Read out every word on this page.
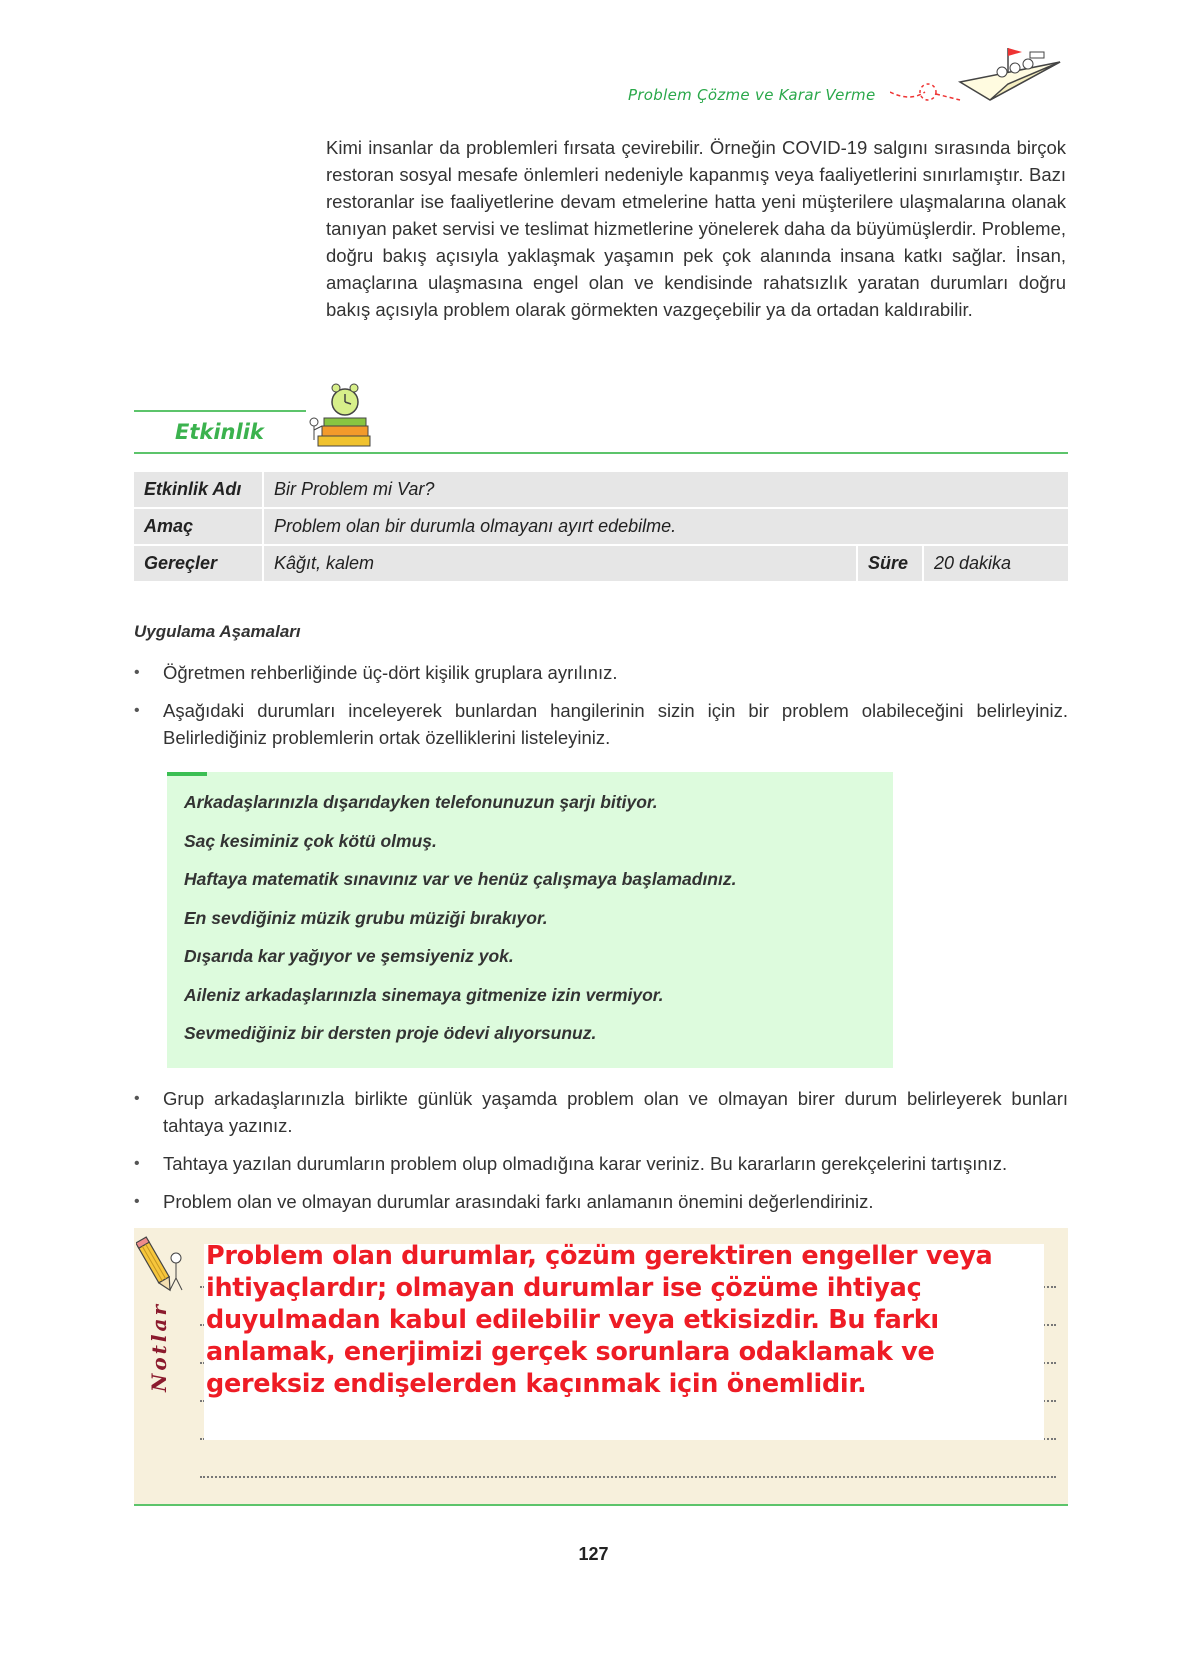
Problem Çözme ve Karar Verme

Kimi insanlar da problemleri fırsata çevirebilir. Örneğin COVID-19 salgını sırasında birçok restoran sosyal mesafe önlemleri nedeniyle kapanmış veya faaliyetlerini sınırlamıştır. Bazı restoranlar ise faaliyetlerine devam etmelerine hatta yeni müşterilere ulaşmalarına olanak tanıyan paket servisi ve teslimat hizmetlerine yönelerek daha da büyümüşlerdir. Probleme, doğru bakış açısıyla yaklaşmak yaşamın pek çok alanında insana katkı sağlar. İnsan, amaçlarına ulaşmasına engel olan ve kendisinde rahatsızlık yaratan durumları doğru bakış açısıyla problem olarak görmekten vazgeçebilir ya da ortadan kaldırabilir.

Etkinlik
Etkinlik Adı	Bir Problem mi Var?
Amaç	Problem olan bir durumla olmayanı ayırt edebilme.
Gereçler	Kâğıt, kalem	Süre	20 dakika
Uygulama Aşamaları
• Öğretmen rehberliğinde üç-dört kişilik gruplara ayrılınız.
• Aşağıdaki durumları inceleyerek bunlardan hangilerinin sizin için bir problem olabileceğini belirleyiniz. Belirlediğiniz problemlerin ortak özelliklerini listeleyiniz.
Arkadaşlarınızla dışarıdayken telefonunuzun şarjı bitiyor.
Saç kesiminiz çok kötü olmuş.
Haftaya matematik sınavınız var ve henüz çalışmaya başlamadınız.
En sevdiğiniz müzik grubu müziği bırakıyor.
Dışarıda kar yağıyor ve şemsiyeniz yok.
Aileniz arkadaşlarınızla sinemaya gitmenize izin vermiyor.
Sevmediğiniz bir dersten proje ödevi alıyorsunuz.
• Grup arkadaşlarınızla birlikte günlük yaşamda problem olan ve olmayan birer durum belirleyerek bunları tahtaya yazınız.
• Tahtaya yazılan durumların problem olup olmadığına karar veriniz. Bu kararların gerekçelerini tartışınız.
• Problem olan ve olmayan durumlar arasındaki farkı anlamanın önemini değerlendiriniz.
Notlar
Problem olan durumlar, çözüm gerektiren engeller veya ihtiyaçlardır; olmayan durumlar ise çözüme ihtiyaç duyulmadan kabul edilebilir veya etkisizdir. Bu farkı anlamak, enerjimizi gerçek sorunlara odaklamak ve gereksiz endişelerden kaçınmak için önemlidir.
127
